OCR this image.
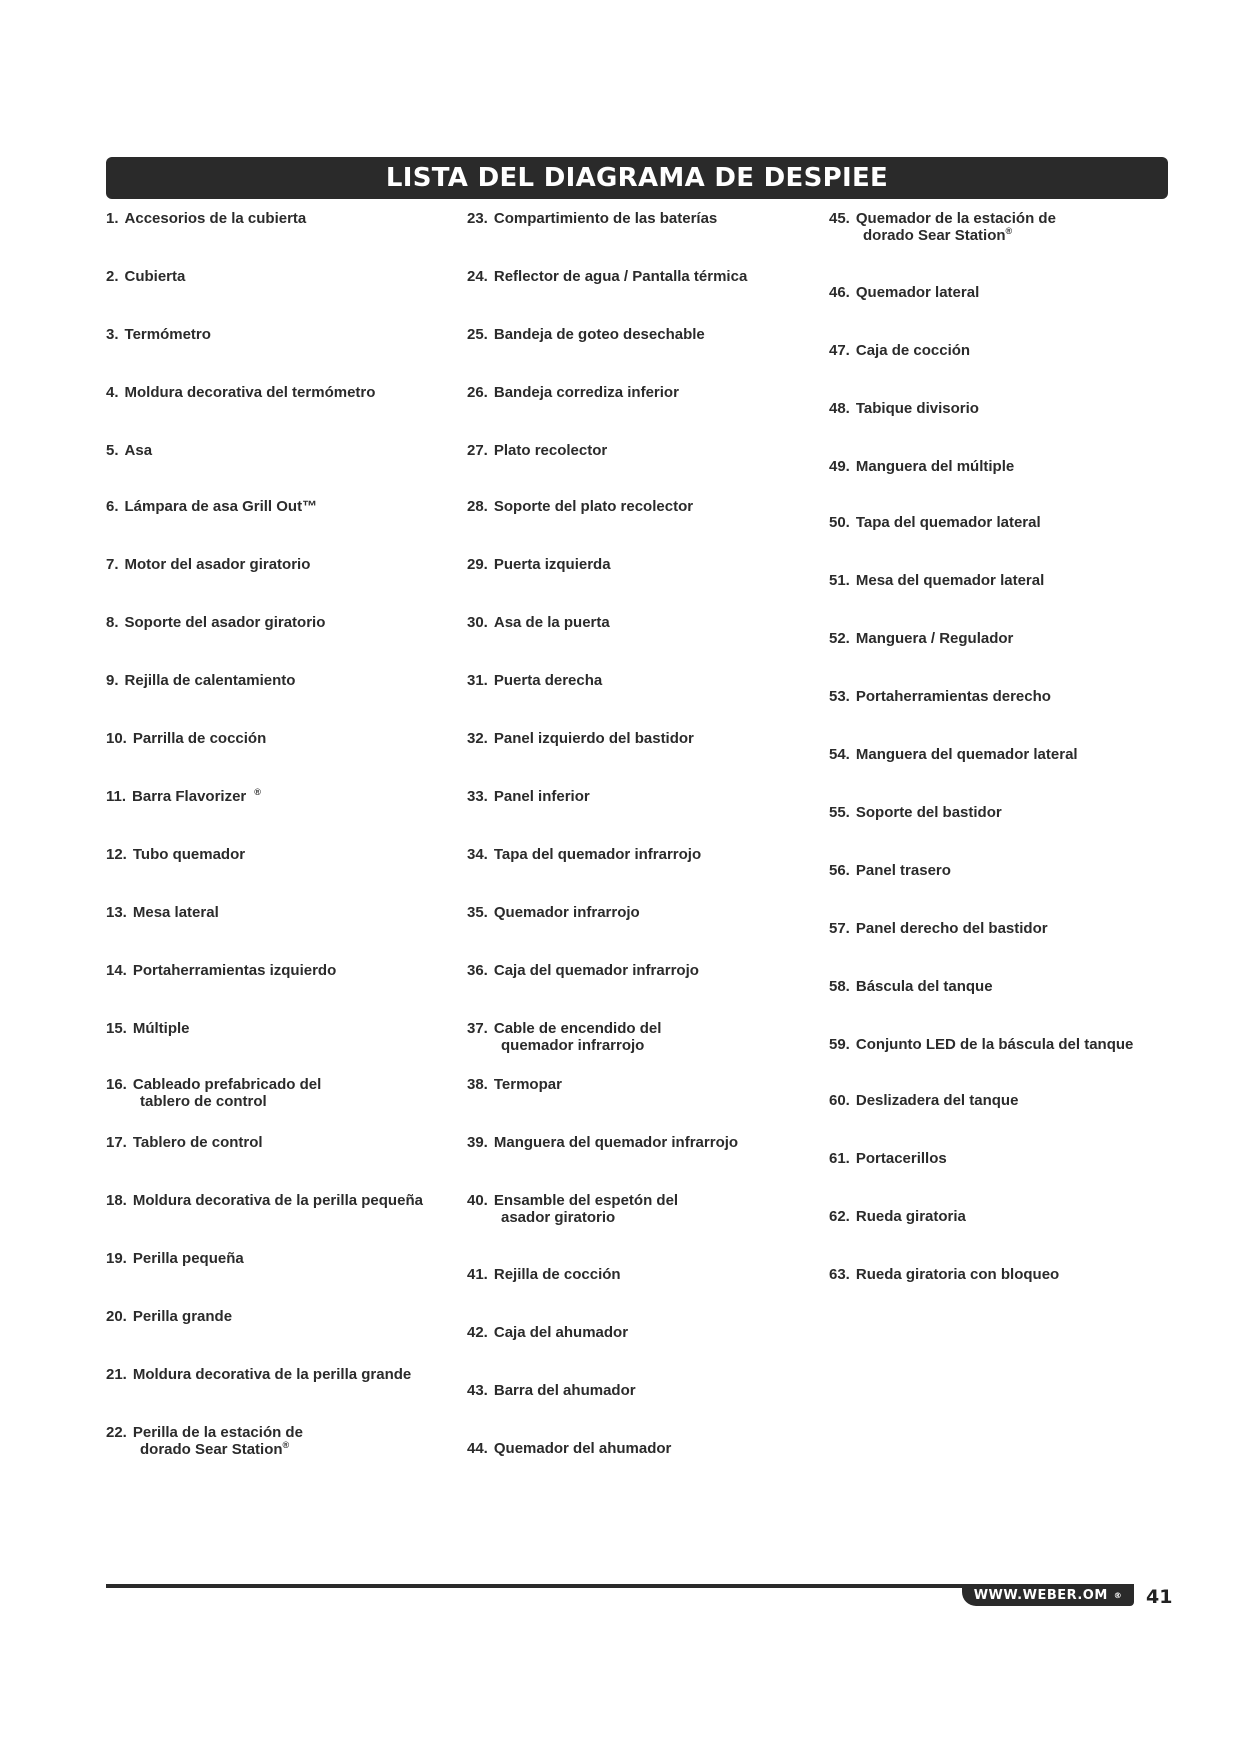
LISTA DEL DIAGRAMA DE DESPIEE
1. Accesorios de la cubierta
2. Cubierta
3. Termómetro
4. Moldura decorativa del termómetro
5. Asa
6. Lámpara de asa Grill Out™
7. Motor del asador giratorio
8. Soporte del asador giratorio
9. Rejilla de calentamiento
10. Parrilla de cocción
11. Barra Flavorizer ®
12. Tubo quemador
13. Mesa lateral
14. Portaherramientas izquierdo
15. Múltiple
16. Cableado prefabricado del
tablero de control
17. Tablero de control
18. Moldura decorativa de la perilla pequeña
19. Perilla pequeña
20. Perilla grande
21. Moldura decorativa de la perilla grande
22. Perilla de la estación de
dorado Sear Station®
23. Compartimiento de las baterías
24. Reflector de agua / Pantalla térmica
25. Bandeja de goteo desechable
26. Bandeja corrediza inferior
27. Plato recolector
28. Soporte del plato recolector
29. Puerta izquierda
30. Asa de la puerta
31. Puerta derecha
32. Panel izquierdo del bastidor
33. Panel inferior
34. Tapa del quemador infrarrojo
35. Quemador infrarrojo
36. Caja del quemador infrarrojo
37. Cable de encendido del
quemador infrarrojo
38. Termopar
39. Manguera del quemador infrarrojo
40. Ensamble del espetón del
asador giratorio
41. Rejilla de cocción
42. Caja del ahumador
43. Barra del ahumador
44. Quemador del ahumador
45. Quemador de la estación de
dorado Sear Station®
46. Quemador lateral
47. Caja de cocción
48. Tabique divisorio
49. Manguera del múltiple
50. Tapa del quemador lateral
51. Mesa del quemador lateral
52. Manguera / Regulador
53. Portaherramientas derecho
54. Manguera del quemador lateral
55. Soporte del bastidor
56. Panel trasero
57. Panel derecho del bastidor
58. Báscula del tanque
59. Conjunto LED de la báscula del tanque
60. Deslizadera del tanque
61. Portacerillos
62. Rueda giratoria
63. Rueda giratoria con bloqueo
WWW.WEBER.OM ® 41
